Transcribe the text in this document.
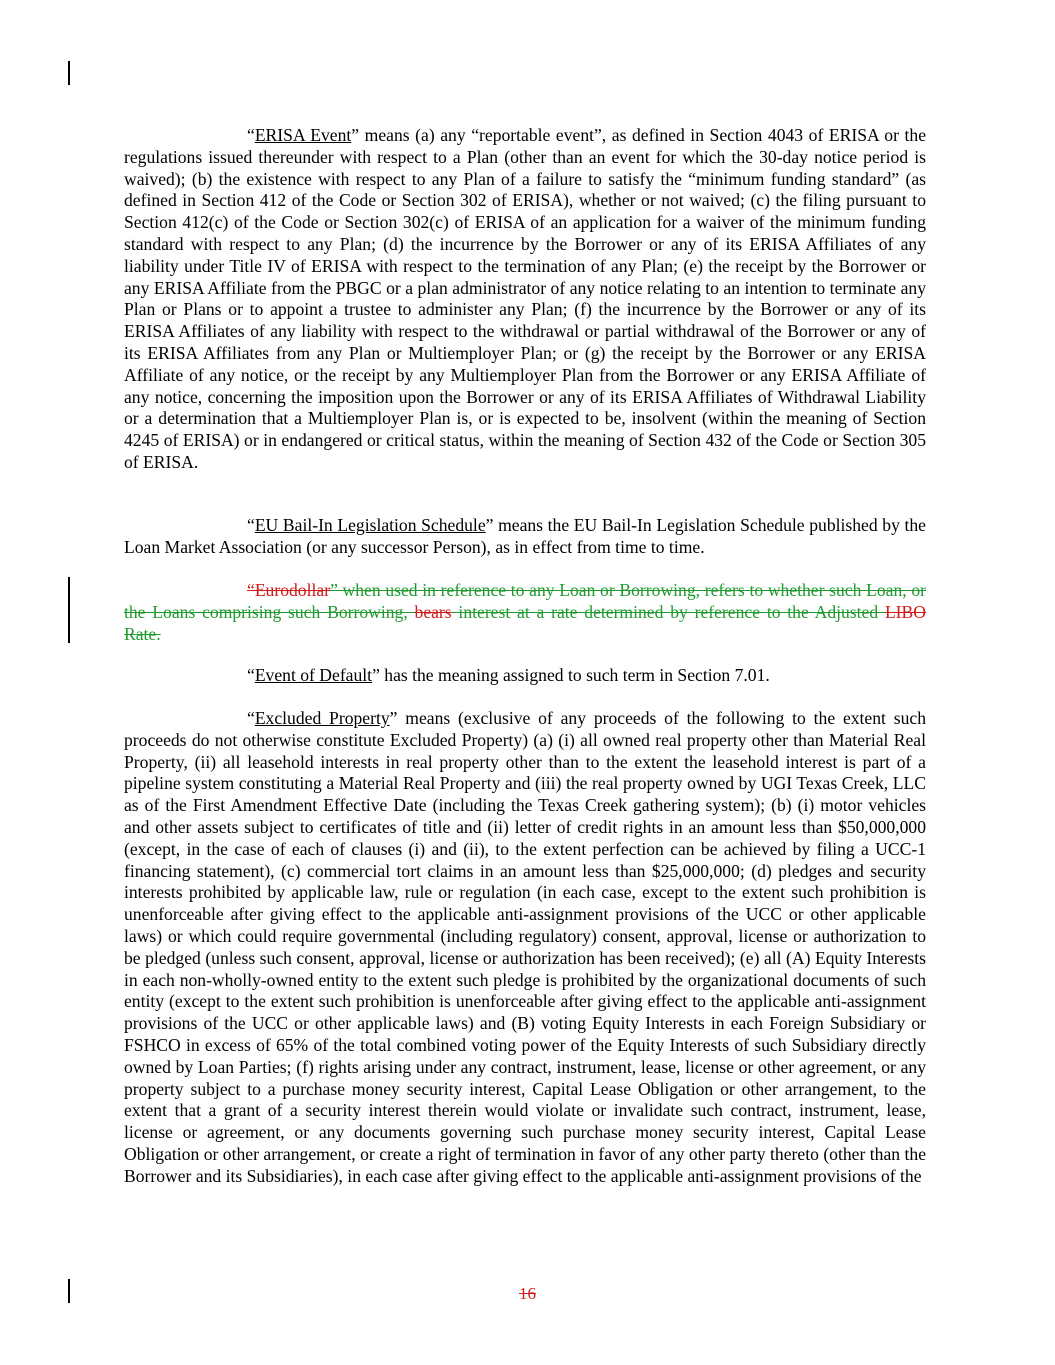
“ERISA Event” means (a) any “reportable event”, as defined in Section 4043 of ERISA or the regulations issued thereunder with respect to a Plan (other than an event for which the 30-day notice period is waived); (b) the existence with respect to any Plan of a failure to satisfy the “minimum funding standard” (as defined in Section 412 of the Code or Section 302 of ERISA), whether or not waived; (c) the filing pursuant to Section 412(c) of the Code or Section 302(c) of ERISA of an application for a waiver of the minimum funding standard with respect to any Plan; (d) the incurrence by the Borrower or any of its ERISA Affiliates of any liability under Title IV of ERISA with respect to the termination of any Plan; (e) the receipt by the Borrower or any ERISA Affiliate from the PBGC or a plan administrator of any notice relating to an intention to terminate any Plan or Plans or to appoint a trustee to administer any Plan; (f) the incurrence by the Borrower or any of its ERISA Affiliates of any liability with respect to the withdrawal or partial withdrawal of the Borrower or any of its ERISA Affiliates from any Plan or Multiemployer Plan; or (g) the receipt by the Borrower or any ERISA Affiliate of any notice, or the receipt by any Multiemployer Plan from the Borrower or any ERISA Affiliate of any notice, concerning the imposition upon the Borrower or any of its ERISA Affiliates of Withdrawal Liability or a determination that a Multiemployer Plan is, or is expected to be, insolvent (within the meaning of Section 4245 of ERISA) or in endangered or critical status, within the meaning of Section 432 of the Code or Section 305 of ERISA.

“EU Bail-In Legislation Schedule” means the EU Bail-In Legislation Schedule published by the Loan Market Association (or any successor Person), as in effect from time to time.

“Eurodollar” when used in reference to any Loan or Borrowing, refers to whether such Loan, or the Loans comprising such Borrowing, bears interest at a rate determined by reference to the Adjusted LIBO Rate.

“Event of Default” has the meaning assigned to such term in Section 7.01.

“Excluded Property” means (exclusive of any proceeds of the following to the extent such proceeds do not otherwise constitute Excluded Property) (a) (i) all owned real property other than Material Real Property, (ii) all leasehold interests in real property other than to the extent the leasehold interest is part of a pipeline system constituting a Material Real Property and (iii) the real property owned by UGI Texas Creek, LLC as of the First Amendment Effective Date (including the Texas Creek gathering system); (b) (i) motor vehicles and other assets subject to certificates of title and (ii) letter of credit rights in an amount less than $50,000,000 (except, in the case of each of clauses (i) and (ii), to the extent perfection can be achieved by filing a UCC-1 financing statement), (c) commercial tort claims in an amount less than $25,000,000; (d) pledges and security interests prohibited by applicable law, rule or regulation (in each case, except to the extent such prohibition is unenforceable after giving effect to the applicable anti-assignment provisions of the UCC or other applicable laws) or which could require governmental (including regulatory) consent, approval, license or authorization to be pledged (unless such consent, approval, license or authorization has been received); (e) all (A) Equity Interests in each non-wholly-owned entity to the extent such pledge is prohibited by the organizational documents of such entity (except to the extent such prohibition is unenforceable after giving effect to the applicable anti-assignment provisions of the UCC or other applicable laws) and (B) voting Equity Interests in each Foreign Subsidiary or FSHCO in excess of 65% of the total combined voting power of the Equity Interests of such Subsidiary directly owned by Loan Parties; (f) rights arising under any contract, instrument, lease, license or other agreement, or any property subject to a purchase money security interest, Capital Lease Obligation or other arrangement, to the extent that a grant of a security interest therein would violate or invalidate such contract, instrument, lease, license or agreement, or any documents governing such purchase money security interest, Capital Lease Obligation or other arrangement, or create a right of termination in favor of any other party thereto (other than the Borrower and its Subsidiaries), in each case after giving effect to the applicable anti-assignment provisions of the

16
